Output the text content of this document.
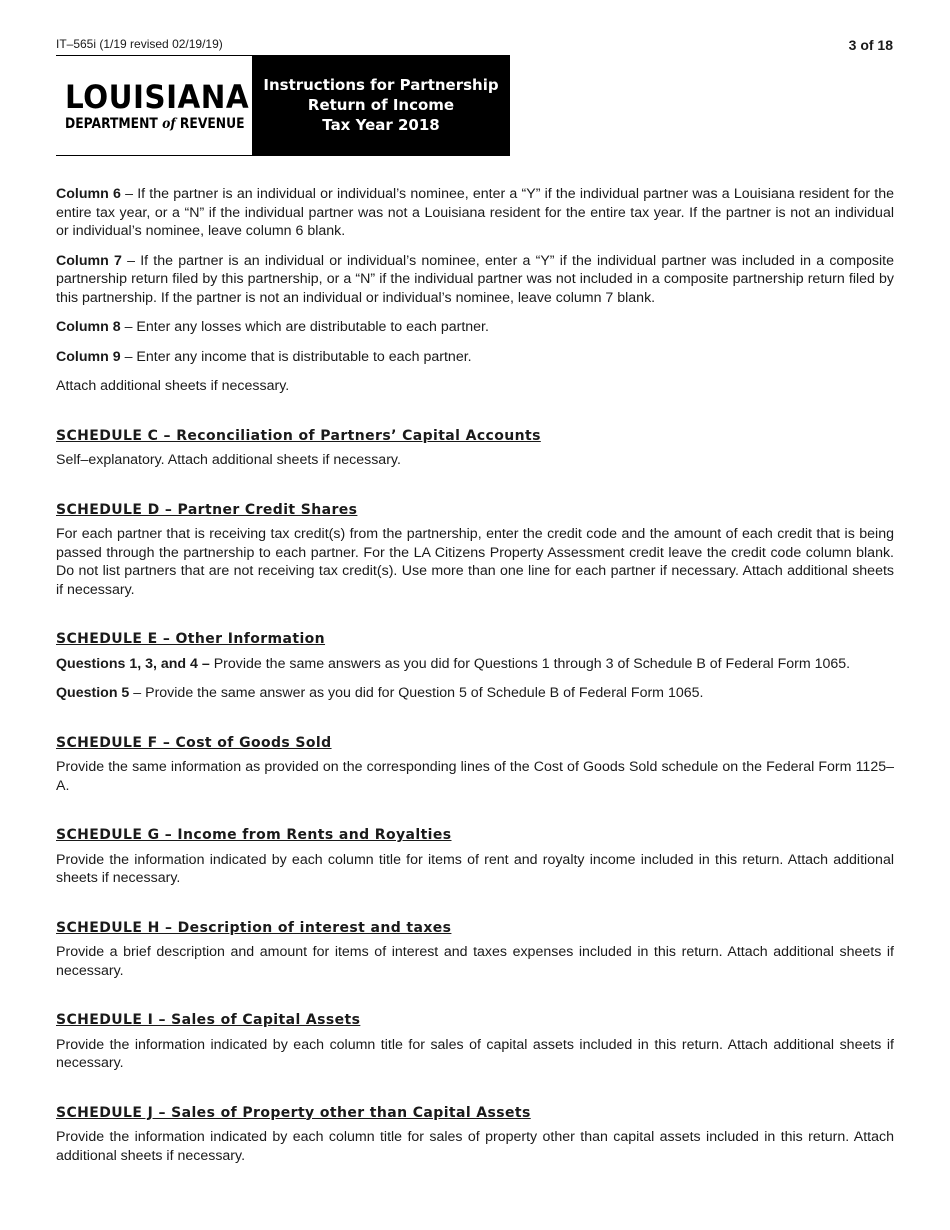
IT–565i (1/19 revised 02/19/19)	3 of 18
LOUISIANA
DEPARTMENT of REVENUE
Instructions for Partnership
Return of Income
Tax Year 2018

Column 6 – If the partner is an individual or individual’s nominee, enter a “Y” if the individual partner was a Louisiana resident for the entire tax year, or a “N” if the individual partner was not a Louisiana resident for the entire tax year. If the partner is not an individual or individual’s nominee, leave column 6 blank.

Column 7 – If the partner is an individual or individual’s nominee, enter a “Y” if the individual partner was included in a composite partnership return filed by this partnership, or a “N” if the individual partner was not included in a composite partnership return filed by this partnership. If the partner is not an individual or individual’s nominee, leave column 7 blank.

Column 8 – Enter any losses which are distributable to each partner.

Column 9 – Enter any income that is distributable to each partner.

Attach additional sheets if necessary.

SCHEDULE C – Reconciliation of Partners’ Capital Accounts

Self–explanatory. Attach additional sheets if necessary.

SCHEDULE D – Partner Credit Shares

For each partner that is receiving tax credit(s) from the partnership, enter the credit code and the amount of each credit that is being passed through the partnership to each partner. For the LA Citizens Property Assessment credit leave the credit code column blank. Do not list partners that are not receiving tax credit(s). Use more than one line for each partner if necessary. Attach additional sheets if necessary.

SCHEDULE E – Other Information

Questions 1, 3, and 4 – Provide the same answers as you did for Questions 1 through 3 of Schedule B of Federal Form 1065.

Question 5 – Provide the same answer as you did for Question 5 of Schedule B of Federal Form 1065.

SCHEDULE F – Cost of Goods Sold

Provide the same information as provided on the corresponding lines of the Cost of Goods Sold schedule on the Federal Form 1125–A.

SCHEDULE G – Income from Rents and Royalties

Provide the information indicated by each column title for items of rent and royalty income included in this return. Attach additional sheets if necessary.

SCHEDULE H – Description of interest and taxes

Provide a brief description and amount for items of interest and taxes expenses included in this return. Attach additional sheets if necessary.

SCHEDULE I – Sales of Capital Assets

Provide the information indicated by each column title for sales of capital assets included in this return. Attach additional sheets if necessary.

SCHEDULE J – Sales of Property other than Capital Assets

Provide the information indicated by each column title for sales of property other than capital assets included in this return. Attach additional sheets if necessary.
